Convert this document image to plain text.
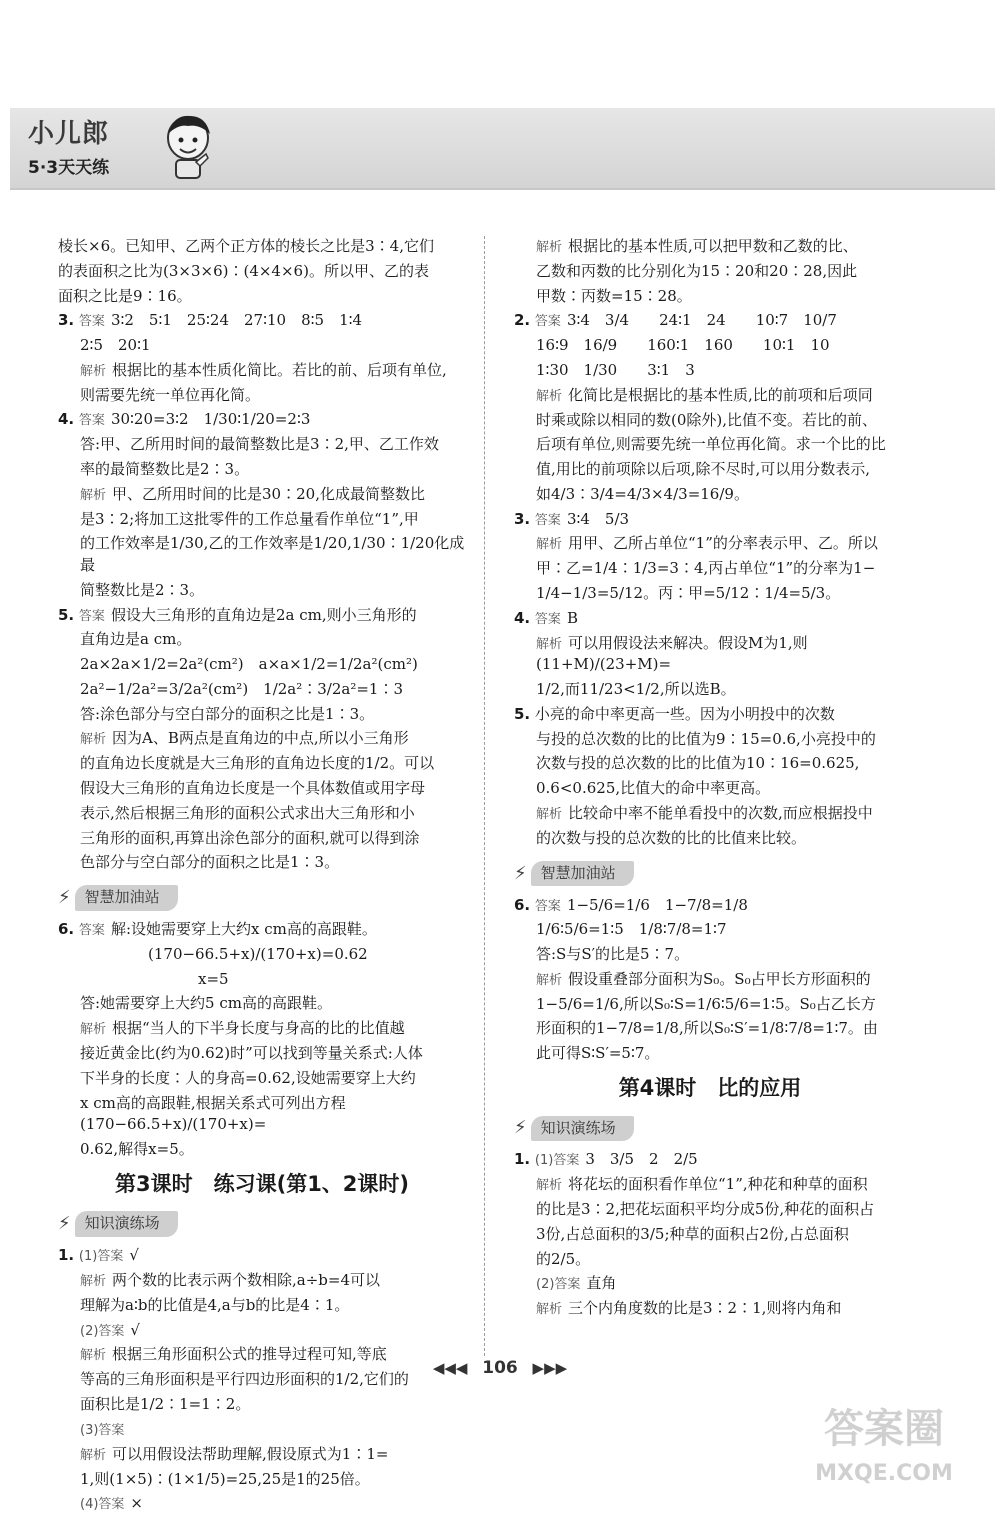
小儿郎
5·3天天练

棱长×6。已知甲、乙两个正方体的棱长之比是3∶4,它们

的表面积之比为(3×3×6)∶(4×4×6)。所以甲、乙的表

面积之比是9∶16。

3. 答案 3∶2　5∶1　25∶24　27∶10　8∶5　1∶4

2∶5　20∶1

解析 根据比的基本性质化简比。若比的前、后项有单位,

则需要先统一单位再化简。

4. 答案 30∶20=3∶2　1/30∶1/20=2∶3

答:甲、乙所用时间的最简整数比是3∶2,甲、乙工作效

率的最简整数比是2∶3。

解析 甲、乙所用时间的比是30∶20,化成最简整数比

是3∶2;将加工这批零件的工作总量看作单位“1”,甲

的工作效率是1/30,乙的工作效率是1/20,1/30∶1/20化成最

简整数比是2∶3。

5. 答案 假设大三角形的直角边是2a cm,则小三角形的

直角边是a cm。

2a×2a×1/2=2a²(cm²)　a×a×1/2=1/2a²(cm²)

2a²−1/2a²=3/2a²(cm²)　1/2a²∶3/2a²=1∶3

答:涂色部分与空白部分的面积之比是1∶3。

解析 因为A、B两点是直角边的中点,所以小三角形

的直角边长度就是大三角形的直角边长度的1/2。可以

假设大三角形的直角边长度是一个具体数值或用字母

表示,然后根据三角形的面积公式求出大三角形和小

三角形的面积,再算出涂色部分的面积,就可以得到涂

色部分与空白部分的面积之比是1∶3。

⚡ 智慧加油站

6. 答案 解:设她需要穿上大约x cm高的高跟鞋。

(170−66.5+x)/(170+x)=0.62

x=5

答:她需要穿上大约5 cm高的高跟鞋。

解析 根据“当人的下半身长度与身高的比的比值越

接近黄金比(约为0.62)时”可以找到等量关系式:人体

下半身的长度∶人的身高=0.62,设她需要穿上大约

x cm高的高跟鞋,根据关系式可列出方程(170−66.5+x)/(170+x)=

0.62,解得x=5。

第3课时　练习课(第1、2课时)
⚡ 知识演练场

1. (1)答案 √

解析 两个数的比表示两个数相除,a÷b=4可以

理解为a∶b的比值是4,a与b的比是4∶1。

(2)答案 √

解析 根据三角形面积公式的推导过程可知,等底

等高的三角形面积是平行四边形面积的1/2,它们的

面积比是1/2∶1=1∶2。

(3)答案

解析 可以用假设法帮助理解,假设原式为1∶1=

1,则(1×5)∶(1×1/5)=25,25是1的25倍。

(4)答案 ×

解析 根据比的基本性质,可以把甲数和乙数的比、

乙数和丙数的比分别化为15∶20和20∶28,因此

甲数∶丙数=15∶28。

2. 答案 3∶4　3/4　　24∶1　24　　10∶7　10/7

16∶9　16/9　　160∶1　160　　10∶1　10

1∶30　1/30　　3∶1　3

解析 化简比是根据比的基本性质,比的前项和后项同

时乘或除以相同的数(0除外),比值不变。若比的前、

后项有单位,则需要先统一单位再化简。求一个比的比

值,用比的前项除以后项,除不尽时,可以用分数表示,

如4/3∶3/4=4/3×4/3=16/9。

3. 答案 3∶4　5/3

解析 用甲、乙所占单位“1”的分率表示甲、乙。所以

甲∶乙=1/4∶1/3=3∶4,丙占单位“1”的分率为1−

1/4−1/3=5/12。丙∶甲=5/12∶1/4=5/3。

4. 答案 B

解析 可以用假设法来解决。假设M为1,则(11+M)/(23+M)=

1/2,而11/23<1/2,所以选B。

5. 小亮的命中率更高一些。因为小明投中的次数

与投的总次数的比的比值为9∶15=0.6,小亮投中的

次数与投的总次数的比的比值为10∶16=0.625,

0.6<0.625,比值大的命中率更高。

解析 比较命中率不能单看投中的次数,而应根据投中

的次数与投的总次数的比的比值来比较。

⚡ 智慧加油站

6. 答案 1−5/6=1/6　1−7/8=1/8

1/6∶5/6=1∶5　1/8∶7/8=1∶7

答:S与S′的比是5∶7。

解析 假设重叠部分面积为S₀。S₀占甲长方形面积的

1−5/6=1/6,所以S₀∶S=1/6∶5/6=1∶5。S₀占乙长方

形面积的1−7/8=1/8,所以S₀∶S′=1/8∶7/8=1∶7。由

此可得S∶S′=5∶7。

第4课时　比的应用
⚡ 知识演练场

1. (1)答案 3　3/5　2　2/5

解析 将花坛的面积看作单位“1”,种花和种草的面积

的比是3∶2,把花坛面积平均分成5份,种花的面积占

3份,占总面积的3/5;种草的面积占2份,占总面积

的2/5。

(2)答案 直角

解析 三个内角度数的比是3∶2∶1,则将内角和

◀◀◀ 106 ▶▶▶
答案圈
MXQE.COM
